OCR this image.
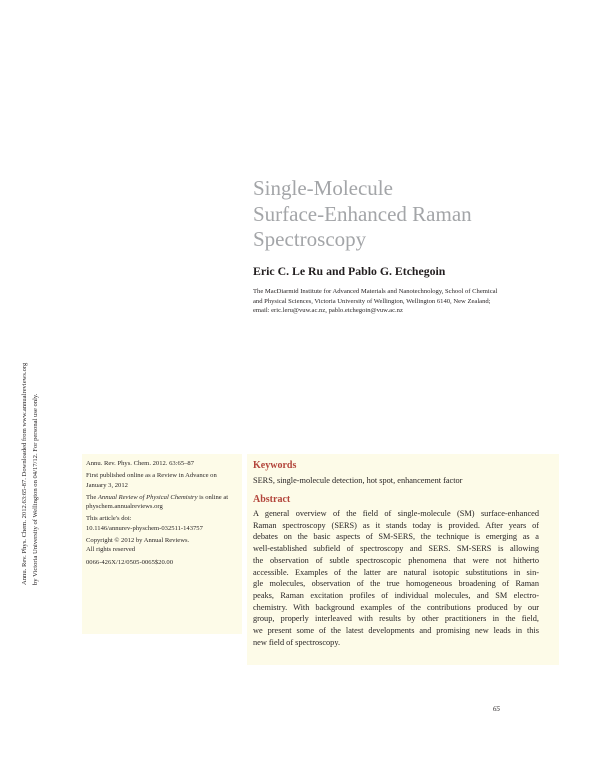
Annu. Rev. Phys. Chem. 2012.63:65-87. Downloaded from www.annualreviews.org by Victoria University of Wellington on 04/17/12. For personal use only.
Single-Molecule
Surface-Enhanced Raman
Spectroscopy
Eric C. Le Ru and Pablo G. Etchegoin
The MacDiarmid Institute for Advanced Materials and Nanotechnology, School of Chemical
and Physical Sciences, Victoria University of Wellington, Wellington 6140, New Zealand;
email: eric.leru@vuw.ac.nz, pablo.etchegoin@vuw.ac.nz

Annu. Rev. Phys. Chem. 2012. 63:65–87

First published online as a Review in Advance on
January 3, 2012

The Annual Review of Physical Chemistry is online at
physchem.annualreviews.org

This article's doi:
10.1146/annurev-physchem-032511-143757

Copyright © 2012 by Annual Reviews.
All rights reserved

0066-426X/12/0505-0065$20.00

Keywords
SERS, single-molecule detection, hot spot, enhancement factor
Abstract
A general overview of the field of single-molecule (SM) surface-enhanced
Raman spectroscopy (SERS) as it stands today is provided. After years of
debates on the basic aspects of SM-SERS, the technique is emerging as a
well-established subfield of spectroscopy and SERS. SM-SERS is allowing
the observation of subtle spectroscopic phenomena that were not hitherto
accessible. Examples of the latter are natural isotopic substitutions in sin-
gle molecules, observation of the true homogeneous broadening of Raman
peaks, Raman excitation profiles of individual molecules, and SM electro-
chemistry. With background examples of the contributions produced by our
group, properly interleaved with results by other practitioners in the field,
we present some of the latest developments and promising new leads in this
new field of spectroscopy.
65
